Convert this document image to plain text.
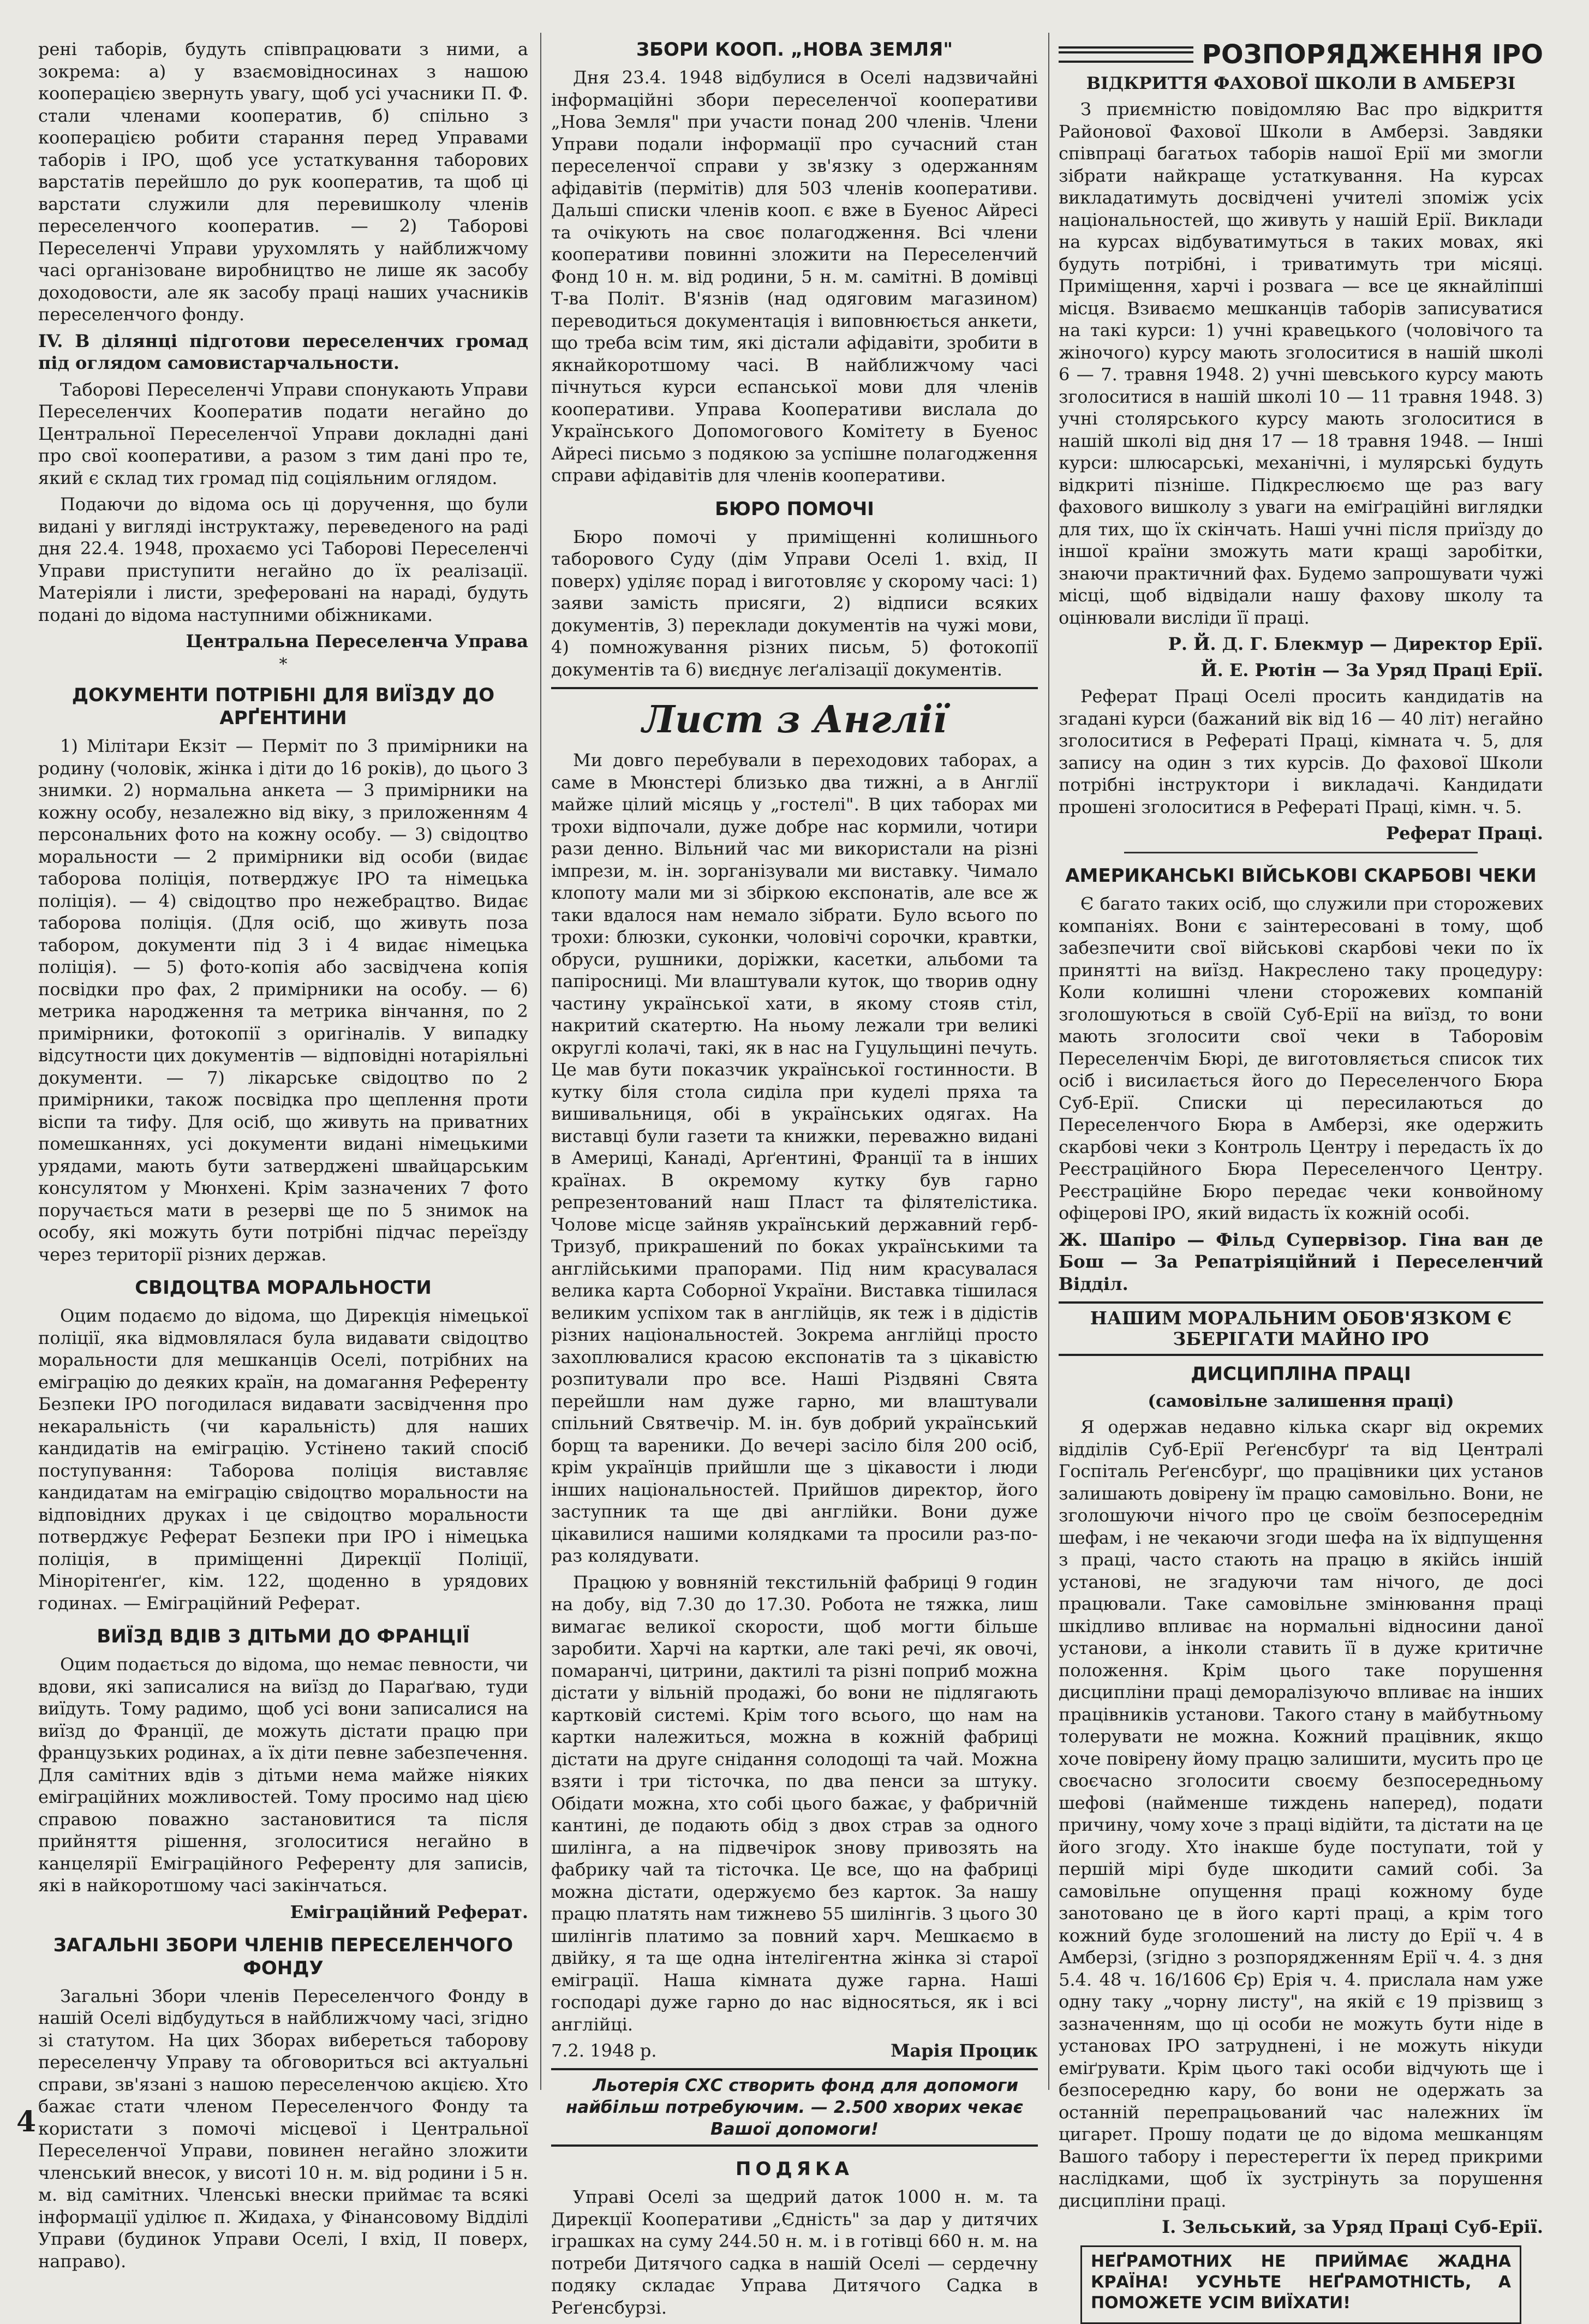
рені таборів, будуть співпрацювати з ними, а зокрема: а) у взаємовідносинах з нашою кооперацією звернуть увагу, щоб усі учасники П. Ф. стали членами кооператив, б) спільно з кооперацією робити старання перед Управами таборів і ІРО, щоб усе устаткування таборових варстатів перейшло до рук кооператив, та щоб ці варстати служили для перевишколу членів переселенчого кооператив. — 2) Таборові Переселенчі Управи урухомлять у найближчому часі організоване виробництво не лише як засобу доходовости, але як засобу праці наших учасників переселенчого фонду.

IV. В ділянці підготови переселенчих громад під оглядом самовистарчальности.

Таборові Переселенчі Управи спонукають Управи Переселенчих Кооператив подати негайно до Центральної Переселенчої Управи докладні дані про свої кооперативи, а разом з тим дані про те, який є склад тих громад під соціяльним оглядом.

Подаючи до відома ось ці доручення, що були видані у вигляді інструктажу, переведеного на раді дня 22.4. 1948, прохаємо усі Таборові Переселенчі Управи приступити негайно до їх реалізації. Матеріяли і листи, зреферовані на нараді, будуть подані до відома наступними обіжниками.

Центральна Переселенча Управа
*
ДОКУМЕНТИ ПОТРІБНІ ДЛЯ ВИЇЗДУ ДО АРҐЕНТИНИ

1) Мілітари Екзіт — Перміт по 3 примірники на родину (чоловік, жінка і діти до 16 років), до цього 3 знимки. 2) нормальна анкета — 3 примірники на кожну особу, незалежно від віку, з приложенням 4 персональних фото на кожну особу. — 3) свідоцтво моральности — 2 примірники від особи (видає таборова поліція, потверджує ІРО та німецька поліція). — 4) свідоцтво про нежебрацтво. Видає таборова поліція. (Для осіб, що живуть поза табором, документи під 3 і 4 видає німецька поліція). — 5) фото-копія або засвідчена копія посвідки про фах, 2 примірники на особу. — 6) метрика народження та метрика вінчання, по 2 примірники, фотокопії з оригіналів. У випадку відсутности цих документів — відповідні нотаріяльні документи. — 7) лікарське свідоцтво по 2 примірники, також посвідка про щеплення проти віспи та тифу. Для осіб, що живуть на приватних помешканнях, усі документи видані німецькими урядами, мають бути затверджені швайцарським консулятом у Мюнхені. Крім зазначених 7 фото поручається мати в резерві ще по 5 знимок на особу, які можуть бути потрібні підчас переїзду через території різних держав.

СВІДОЦТВА МОРАЛЬНОСТИ

Оцим подаємо до відома, що Дирекція німецької поліції, яка відмовлялася була видавати свідоцтво моральности для мешканців Оселі, потрібних на еміграцію до деяких країн, на домагання Референту Безпеки ІРО погодилася видавати засвідчення про некаральність (чи каральність) для наших кандидатів на еміграцію. Устінено такий спосіб поступування: Таборова поліція виставляє кандидатам на еміграцію свідоцтво моральности на відповідних друках і це свідоцтво моральности потверджує Реферат Безпеки при ІРО і німецька поліція, в приміщенні Дирекції Поліції, Мінорітенґег, кім. 122, щоденно в урядових годинах. — Еміграційний Реферат.

ВИЇЗД ВДІВ З ДІТЬМИ ДО ФРАНЦІЇ

Оцим подається до відома, що немає певности, чи вдови, які записалися на виїзд до Параґваю, туди виїдуть. Тому радимо, щоб усі вони записалися на виїзд до Франції, де можуть дістати працю при французьких родинах, а їх діти певне забезпечення. Для самітних вдів з дітьми нема майже ніяких еміграційних можливостей. Тому просимо над цією справою поважно застановитися та після прийняття рішення, зголоситися негайно в канцелярії Еміграційного Референту для записів, які в найкоротшому часі закінчаться.

Еміграційний Реферат.
ЗАГАЛЬНІ ЗБОРИ ЧЛЕНІВ ПЕРЕСЕЛЕНЧОГО ФОНДУ

Загальні Збори членів Переселенчого Фонду в нашій Оселі відбудуться в найближчому часі, згідно зі статутом. На цих Зборах вибереться таборову переселенчу Управу та обговориться всі актуальні справи, зв'язані з нашою переселенчою акцією. Хто бажає стати членом Переселенчого Фонду та користати з помочі місцевої і Центральної Переселенчої Управи, повинен негайно зложити членський внесок, у висоті 10 н. м. від родини і 5 н. м. від самітних. Членські внески приймає та всякі інформації уділює п. Жидаха, у Фінансовому Відділі Управи (будинок Управи Оселі, I вхід, II поверх, направо).

ЗБОРИ КООП. „НОВА ЗЕМЛЯ"

Дня 23.4. 1948 відбулися в Оселі надзвичайні інформаційні збори переселенчої кооперативи „Нова Земля" при участи понад 200 членів. Члени Управи подали інформації про сучасний стан переселенчої справи у зв'язку з одержанням афідавітів (пермітів) для 503 членів кооперативи. Дальші списки членів кооп. є вже в Буенос Айресі та очікують на своє полагодження. Всі члени кооперативи повинні зложити на Переселенчий Фонд 10 н. м. від родини, 5 н. м. самітні. В домівці Т-ва Політ. В'язнів (над одяговим магазином) переводиться документація і виповнюється анкети, що треба всім тим, які дістали афідавіти, зробити в якнайкоротшому часі. В найближчому часі пічнуться курси еспанської мови для членів кооперативи. Управа Кооперативи вислала до Українського Допомогового Комітету в Буенос Айресі письмо з подякою за успішне полагодження справи афідавітів для членів кооперативи.

БЮРО ПОМОЧІ

Бюро помочі у приміщенні колишнього таборового Суду (дім Управи Оселі 1. вхід, II поверх) уділяє порад і виготовляє у скорому часі: 1) заяви замість присяги, 2) відписи всяких документів, 3) переклади документів на чужі мови, 4) помножування різних письм, 5) фотокопії документів та 6) виєднує леґалізації документів.

Лист з Англії

Ми довго перебували в переходових таборах, а саме в Мюнстері близько два тижні, а в Англії майже цілий місяць у „гостелі". В цих таборах ми трохи відпочали, дуже добре нас кормили, чотири рази денно. Вільний час ми використали на різні імпрези, м. ін. зорганізували ми виставку. Чимало клопоту мали ми зі збіркою експонатів, але все ж таки вдалося нам немало зібрати. Було всього по трохи: блюзки, суконки, чоловічі сорочки, кравтки, обруси, рушники, доріжки, касетки, альбоми та папіросниці. Ми влаштували куток, що творив одну частину української хати, в якому стояв стіл, накритий скатертю. На ньому лежали три великі округлі колачі, такі, як в нас на Гуцульщині печуть. Це мав бути показчик української гостинности. В кутку біля стола сиділа при куделі пряха та вишивальниця, обі в українських одягах. На виставці були газети та книжки, переважно видані в Америці, Канаді, Арґентині, Франції та в інших країнах. В окремому кутку був гарно репрезентований наш Пласт та філятелістика. Чолове місце зайняв український державний герб-Тризуб, прикрашений по боках українськими та англійськими прапорами. Під ним красувалася велика карта Соборної України. Виставка тішилася великим успіхом так в англійців, як теж і в дідістів різних національностей. Зокрема англійці просто захоплювалися красою експонатів та з цікавістю розпитували про все. Наші Різдвяні Свята перейшли нам дуже гарно, ми влаштували спільний Святвечір. М. ін. був добрий український борщ та вареники. До вечері засіло біля 200 осіб, крім українців прийшли ще з цікавости і люди інших національностей. Прийшов директор, його заступник та ще дві англійки. Вони дуже цікавилися нашими колядками та просили раз-по-раз колядувати.

Працюю у вовняній текстильній фабриці 9 годин на добу, від 7.30 до 17.30. Робота не тяжка, лиш вимагає великої скорости, щоб могти більше заробити. Харчі на картки, але такі речі, як овочі, помаранчі, цитрини, дактилі та різні поприб можна дістати у вільній продажі, бо вони не підлягають картковій системі. Крім того всього, що нам на картки належиться, можна в кожній фабриці дістати на друге снідання солодощі та чай. Можна взяти і три тісточка, по два пенси за штуку. Обідати можна, хто собі цього бажає, у фабричній кантині, де подають обід з двох страв за одного шилінга, а на підвечірок знову привозять на фабрику чай та тісточка. Це все, що на фабриці можна дістати, одержуємо без карток. За нашу працю платять нам тижнево 55 шилінгів. З цього 30 шилінгів платимо за повний харч. Мешкаємо в двійку, я та ще одна інтелігентна жінка зі старої еміграції. Наша кімната дуже гарна. Наші господарі дуже гарно до нас відносяться, як і всі англійці.

7.2. 1948 р.	Марія Процик

Льотерія СХС створить фонд для допомоги найбільш потребуючим. — 2.500 хворих чекає Вашої допомоги!

ПОДЯКА

Управі Оселі за щедрий даток 1000 н. м. та Дирекції Кооперативи „Єдність" за дар у дитячих іграшках на суму 244.50 н. м. і в готівці 660 н. м. на потреби Дитячого садка в нашій Оселі — сердечну подяку складає Управа Дитячого Садка в Реґенсбурзі.

РОЗПОРЯДЖЕННЯ ІРО
ВІДКРИТТЯ ФАХОВОЇ ШКОЛИ В АМБЕРЗІ

З приємністю повідомляю Вас про відкриття Районової Фахової Школи в Амберзі. Завдяки співпраці багатьох таборів нашої Ерії ми змогли зібрати найкраще устаткування. На курсах викладатимуть досвідчені учителі зпоміж усіх національностей, що живуть у нашій Ерії. Виклади на курсах відбуватимуться в таких мовах, які будуть потрібні, і триватимуть три місяці. Приміщення, харчі і розвага — все це якнайліпші місця. Взиваємо мешканців таборів записуватися на такі курси: 1) учні кравецького (чоловічого та жіночого) курсу мають зголоситися в нашій школі 6 — 7. травня 1948. 2) учні шевського курсу мають зголоситися в нашій школі 10 — 11 травня 1948. 3) учні столярського курсу мають зголоситися в нашій школі від дня 17 — 18 травня 1948. — Інші курси: шлюсарські, механічні, і мулярські будуть відкриті пізніше. Підкреслюємо ще раз вагу фахового вишколу з уваги на еміґраційні виглядки для тих, що їх скінчать. Наші учні після приїзду до іншої країни зможуть мати кращі заробітки, знаючи практичний фах. Будемо запрошувати чужі місці, щоб відвідали нашу фахову школу та оцінювали висліди її праці.

Р. Й. Д. Г. Блекмур — Директор Ерії.
Й. Е. Рютін — За Уряд Праці Ерії.

Реферат Праці Оселі просить кандидатів на згадані курси (бажаний вік від 16 — 40 літ) негайно зголоситися в Рефераті Праці, кімната ч. 5, для запису на один з тих курсів. До фахової Школи потрібні інструктори і викладачі. Кандидати прошені зголоситися в Рефераті Праці, кімн. ч. 5.

Реферат Праці.
АМЕРИКАНСЬКІ ВІЙСЬКОВІ СКАРБОВІ ЧЕКИ

Є багато таких осіб, що служили при сторожевих компаніях. Вони є заінтересовані в тому, щоб забезпечити свої військові скарбові чеки по їх принятті на виїзд. Накреслено таку процедуру: Коли колишні члени сторожевих компаній зголошуються в своїй Суб-Ерії на виїзд, то вони мають зголосити свої чеки в Таборовім Переселенчім Бюрі, де виготовляється список тих осіб і висилається його до Переселенчого Бюра Суб-Ерії. Списки ці пересилаються до Переселенчого Бюра в Амберзі, яке одержить скарбові чеки з Контроль Центру і передасть їх до Реєстраційного Бюра Переселенчого Центру. Реєстраційне Бюро передає чеки конвойному офіцерові ІРО, який видасть їх кожній особі.

Ж. Шапіро — Фільд Супервізор. Гіна ван де Бош — За Репатріяційний і Переселенчий Відділ.

НАШИМ МОРАЛЬНИМ ОБОВ'ЯЗКОМ Є ЗБЕРІГАТИ МАЙНО ІРО
ДИСЦИПЛІНА ПРАЦІ
(самовільне залишення праці)

Я одержав недавно кілька скарг від окремих відділів Суб-Ерії Реґенсбурґ та від Централі Госпіталь Реґенсбурґ, що працівники цих установ залишають довірену їм працю самовільно. Вони, не зголошуючи нічого про це своїм безпосереднім шефам, і не чекаючи згоди шефа на їх відпущення з праці, часто стають на працю в якійсь іншій установі, не згадуючи там нічого, де досі працювали. Таке самовільне змінювання праці шкідливо впливає на нормальні відносини даної установи, а інколи ставить її в дуже критичне положення. Крім цього таке порушення дисципліни праці деморалізуючо впливає на інших працівників установи. Такого стану в майбутньому толерувати не можна. Кожний працівник, якщо хоче повірену йому працю залишити, мусить про це своєчасно зголосити своєму безпосередньому шефові (найменше тиждень наперед), подати причину, чому хоче з праці відійти, та дістати на це його згоду. Хто інакше буде поступати, той у першій мірі буде шкодити самий собі. За самовільне опущення праці кожному буде занотовано це в його карті праці, а крім того кожний буде зголошений на листу до Ерії ч. 4 в Амберзі, (згідно з розпорядженням Ерії ч. 4. з дня 5.4. 48 ч. 16/1606 Єр) Ерія ч. 4. прислала нам уже одну таку „чорну листу", на якій є 19 прізвищ з зазначенням, що ці особи не можуть бути ніде в установах ІРО затруднені, і не можуть нікуди еміґрувати. Крім цього такі особи відчують ще і безпосередню кару, бо вони не одержать за останній перепрацьований час належних їм цигарет. Прошу подати це до відома мешканцям Вашого табору і перестерегти їх перед прикрими наслідками, щоб їх зустрінуть за порушення дисципліни праці.

І. Зельський, за Уряд Праці Суб-Ерії.

НЕҐРАМОТНИХ НЕ ПРИЙМАЄ ЖАДНА КРАЇНА! УСУНЬТЕ НЕҐРАМОТНІСТЬ, А ПОМОЖЕТЕ УСІМ ВИЇХАТИ!

4
